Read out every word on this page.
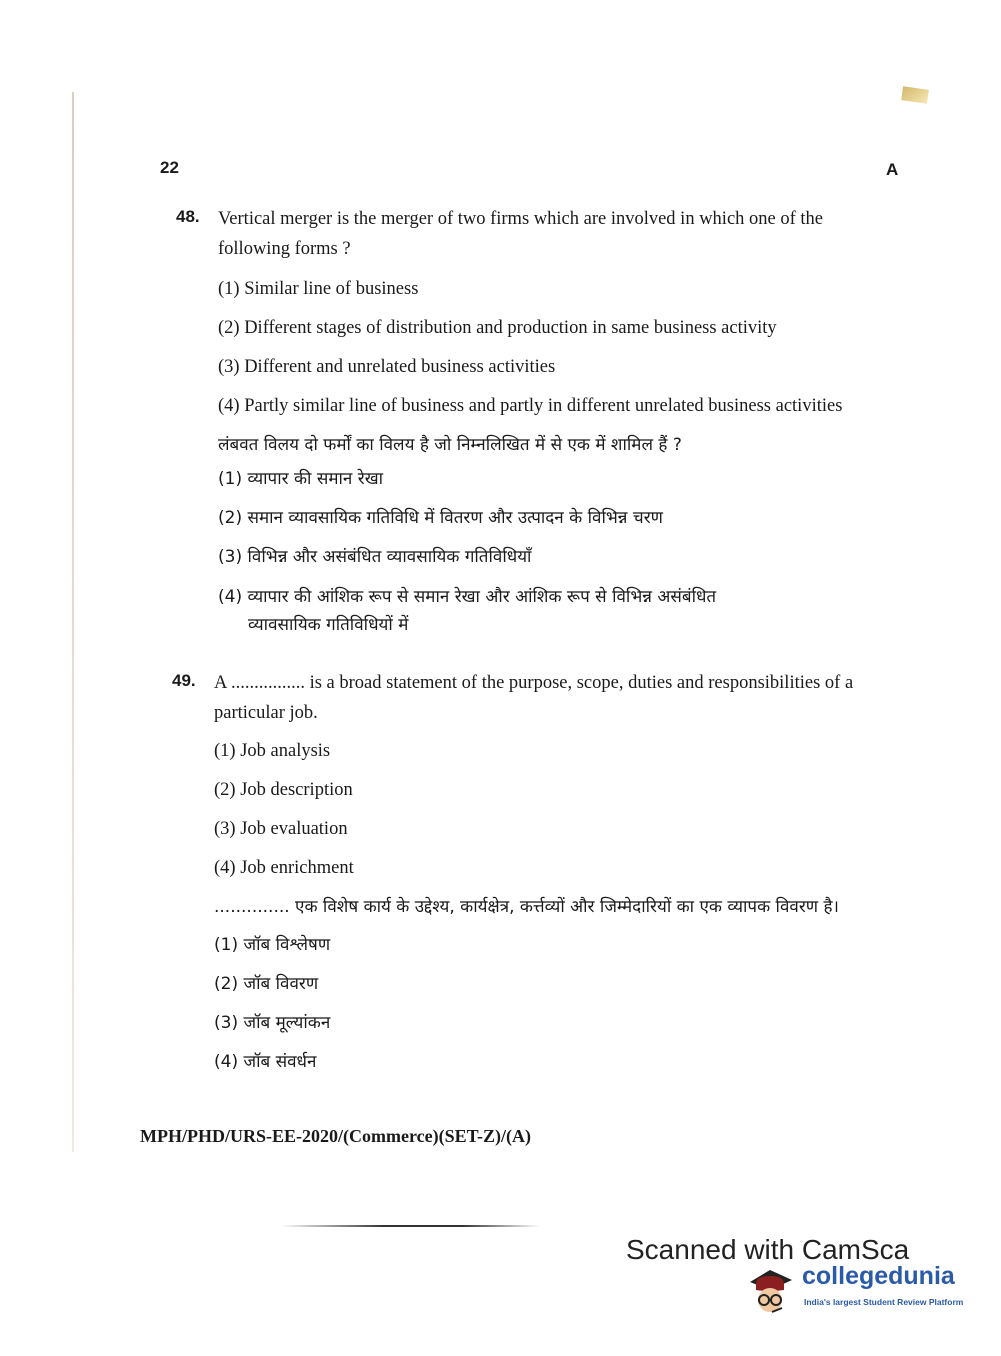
22	A
48. Vertical merger is the merger of two firms which are involved in which one of the following forms ?
(1) Similar line of business
(2) Different stages of distribution and production in same business activity
(3) Different and unrelated business activities
(4) Partly similar line of business and partly in different unrelated business activities
लंबवत विलय दो फर्मों का विलय है जो निम्नलिखित में से एक में शामिल हैं ?
(1) व्यापार की समान रेखा
(2) समान व्यावसायिक गतिविधि में वितरण और उत्पादन के विभिन्न चरण
(3) विभिन्न और असंबंधित व्यावसायिक गतिविधियाँ
(4) व्यापार की आंशिक रूप से समान रेखा और आंशिक रूप से विभिन्न असंबंधित
व्यावसायिक गतिविधियों में
49. A ................ is a broad statement of the purpose, scope, duties and responsibilities of a particular job.
(1) Job analysis
(2) Job description
(3) Job evaluation
(4) Job enrichment
.............. एक विशेष कार्य के उद्देश्य, कार्यक्षेत्र, कर्त्तव्यों और जिम्मेदारियों का एक व्यापक विवरण है।
(1) जॉब विश्लेषण
(2) जॉब विवरण
(3) जॉब मूल्यांकन
(4) जॉब संवर्धन
MPH/PHD/URS-EE-2020/(Commerce)(SET-Z)/(A)
Scanned with CamSca
collegedunia
India's largest Student Review Platform
